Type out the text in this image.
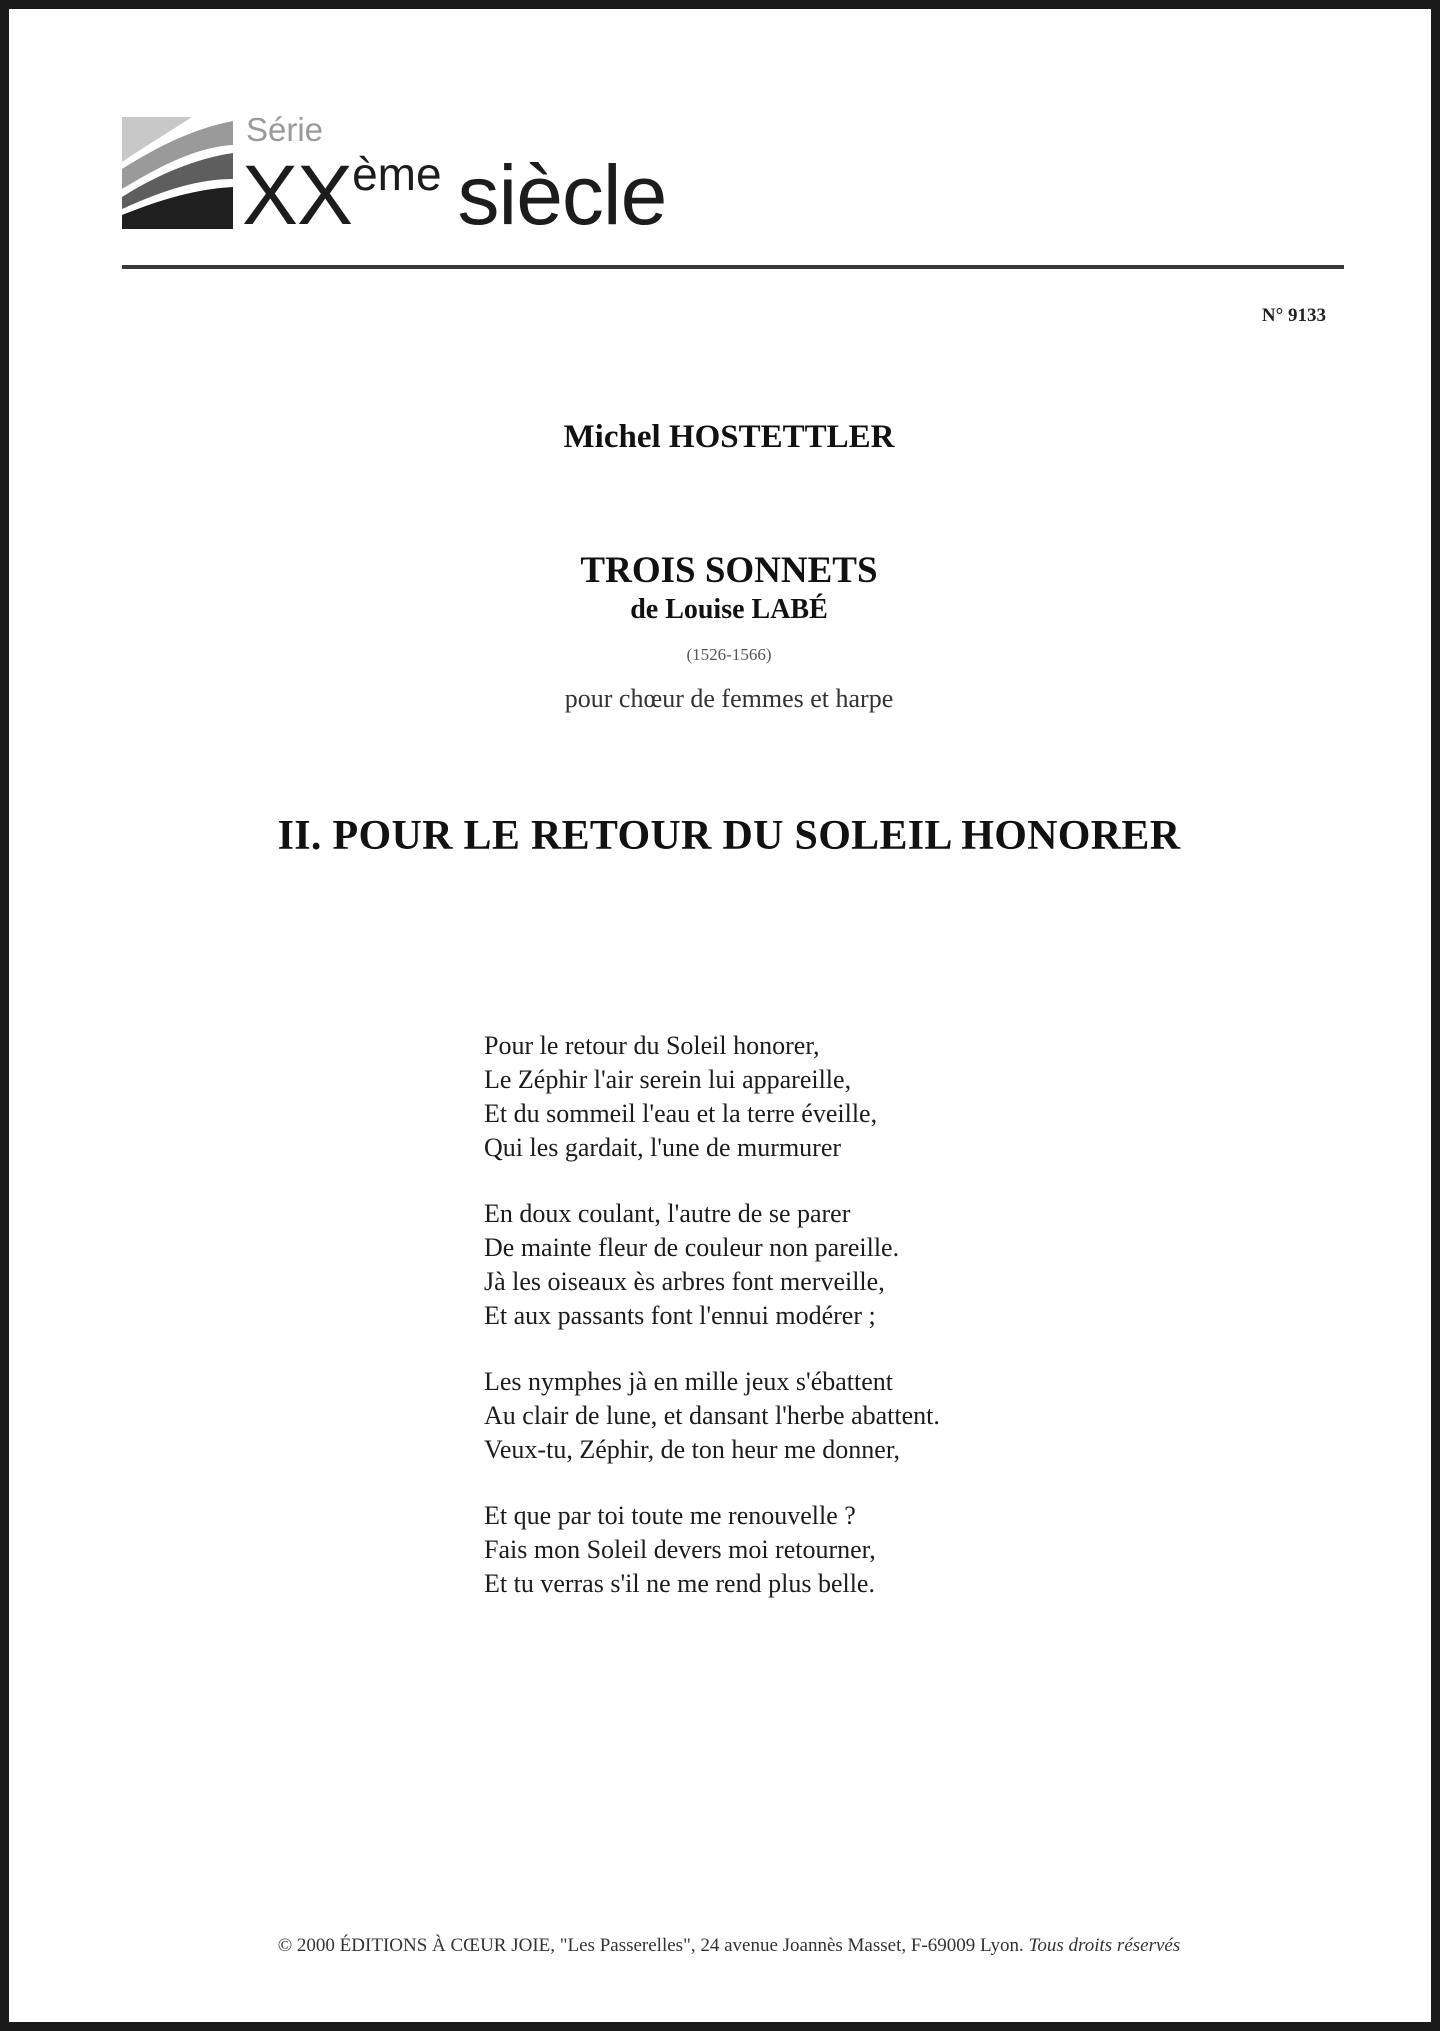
Série
XXème siècle
N° 9133
Michel HOSTETTLER
TROIS SONNETS
de Louise LABÉ
(1526-1566)
pour chœur de femmes et harpe
II. POUR LE RETOUR DU SOLEIL HONORER
Pour le retour du Soleil honorer,
Le Zéphir l'air serein lui appareille,
Et du sommeil l'eau et la terre éveille,
Qui les gardait, l'une de murmurer
En doux coulant, l'autre de se parer
De mainte fleur de couleur non pareille.
Jà les oiseaux ès arbres font merveille,
Et aux passants font l'ennui modérer ;
Les nymphes jà en mille jeux s'ébattent
Au clair de lune, et dansant l'herbe abattent.
Veux-tu, Zéphir, de ton heur me donner,
Et que par toi toute me renouvelle ?
Fais mon Soleil devers moi retourner,
Et tu verras s'il ne me rend plus belle.
© 2000 ÉDITIONS À CŒUR JOIE, "Les Passerelles", 24 avenue Joannès Masset, F-69009 Lyon. Tous droits réservés
